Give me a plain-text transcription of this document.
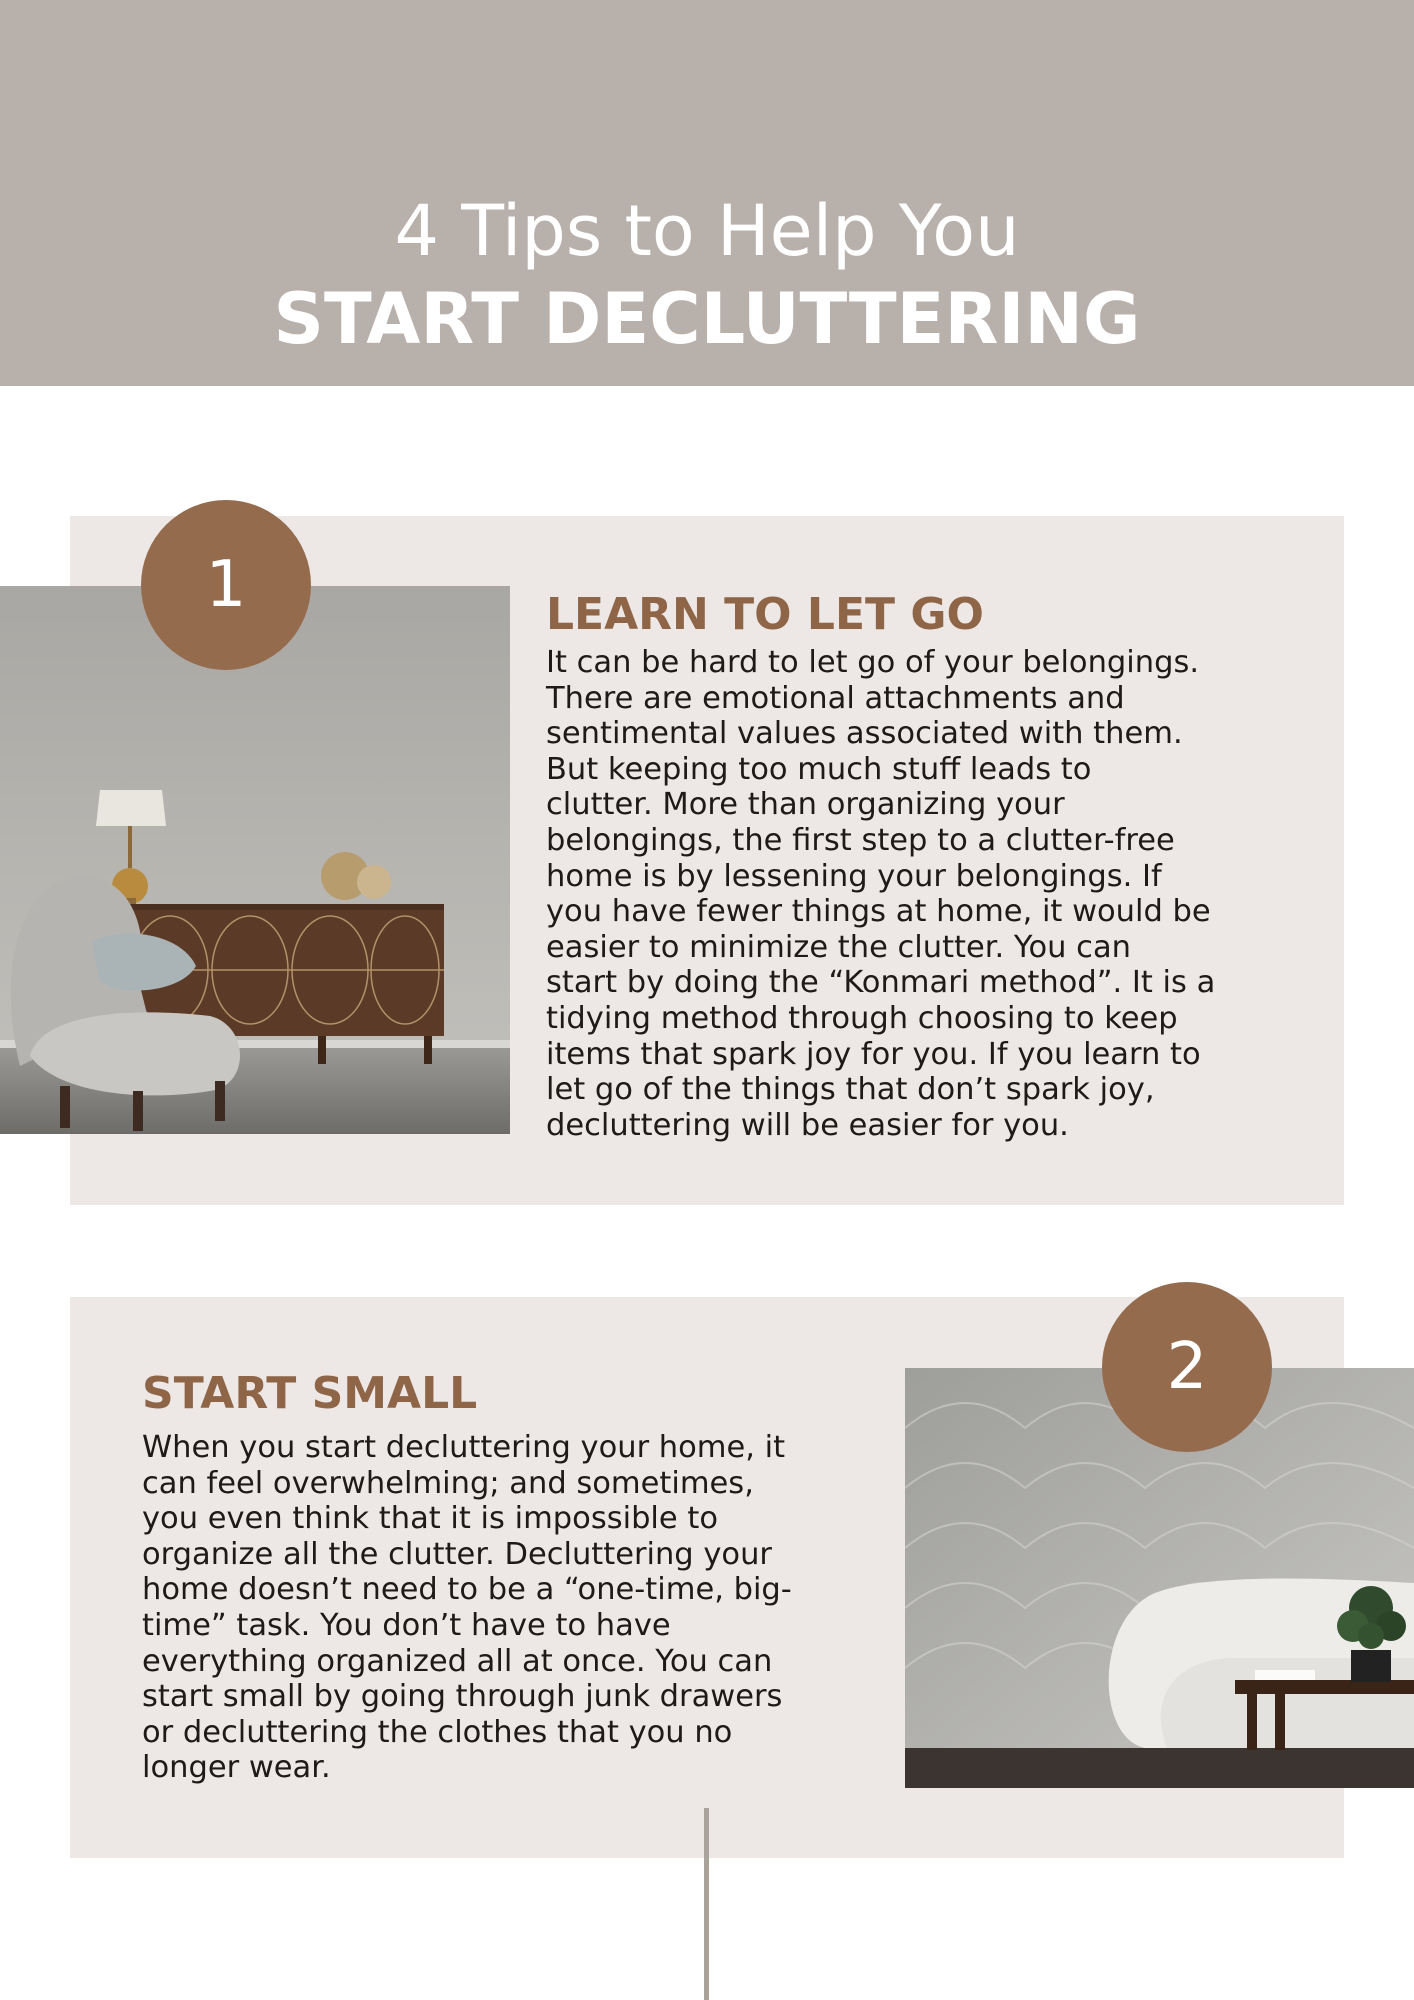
4 Tips to Help You
START DECLUTTERING
1	LEARN TO LET GO

It can be hard to let go of your belongings.
There are emotional attachments and
sentimental values associated with them.
But keeping too much stuff leads to
clutter. More than organizing your
belongings, the first step to a clutter-free
home is by lessening your belongings. If
you have fewer things at home, it would be
easier to minimize the clutter. You can
start by doing the “Konmari method”. It is a
tidying method through choosing to keep
items that spark joy for you. If you learn to
let go of the things that don’t spark joy,
decluttering will be easier for you.

2
START SMALL

When you start decluttering your home, it
can feel overwhelming; and sometimes,
you even think that it is impossible to
organize all the clutter. Decluttering your
home doesn’t need to be a “one-time, big-
time” task. You don’t have to have
everything organized all at once. You can
start small by going through junk drawers
or decluttering the clothes that you no
longer wear.
